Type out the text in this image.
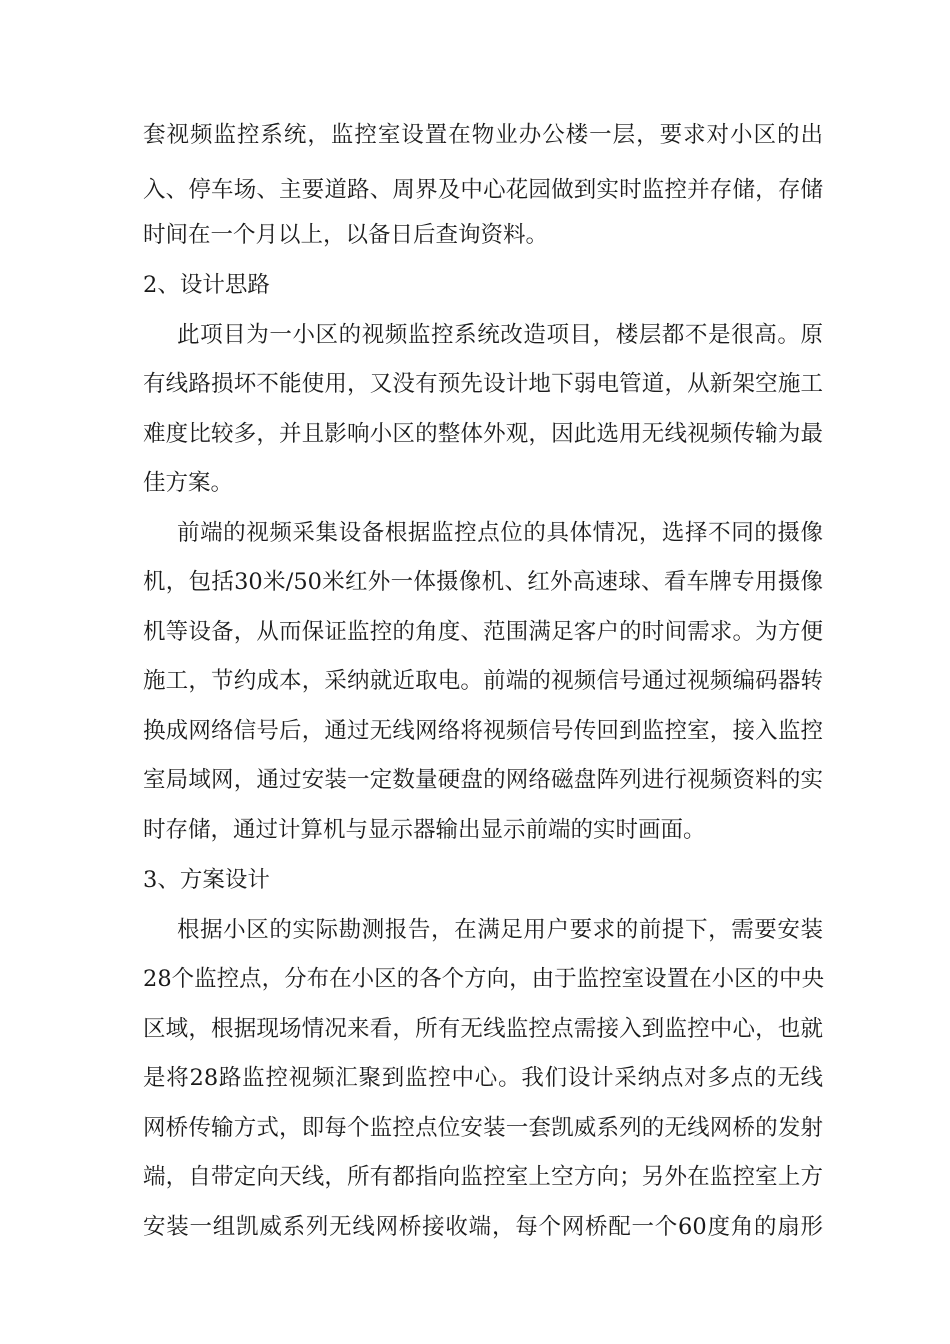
套视频监控系统，监控室设置在物业办公楼一层，要求对小区的出
入、停车场、主要道路、周界及中心花园做到实时监控并存储，存储
时间在一个月以上，以备日后查询资料。
2、设计思路
此项目为一小区的视频监控系统改造项目，楼层都不是很高。原
有线路损坏不能使用，又没有预先设计地下弱电管道，从新架空施工
难度比较多，并且影响小区的整体外观，因此选用无线视频传输为最
佳方案。
前端的视频采集设备根据监控点位的具体情况，选择不同的摄像
机，包括30米/50米红外一体摄像机、红外高速球、看车牌专用摄像
机等设备，从而保证监控的角度、范围满足客户的时间需求。为方便
施工，节约成本，采纳就近取电。前端的视频信号通过视频编码器转
换成网络信号后，通过无线网络将视频信号传回到监控室，接入监控
室局域网，通过安装一定数量硬盘的网络磁盘阵列进行视频资料的实
时存储，通过计算机与显示器输出显示前端的实时画面。
3、方案设计
根据小区的实际勘测报告，在满足用户要求的前提下，需要安装
28个监控点，分布在小区的各个方向，由于监控室设置在小区的中央
区域，根据现场情况来看，所有无线监控点需接入到监控中心，也就
是将28路监控视频汇聚到监控中心。我们设计采纳点对多点的无线
网桥传输方式，即每个监控点位安装一套凯威系列的无线网桥的发射
端，自带定向天线，所有都指向监控室上空方向；另外在监控室上方
安装一组凯威系列无线网桥接收端，每个网桥配一个60度角的扇形
